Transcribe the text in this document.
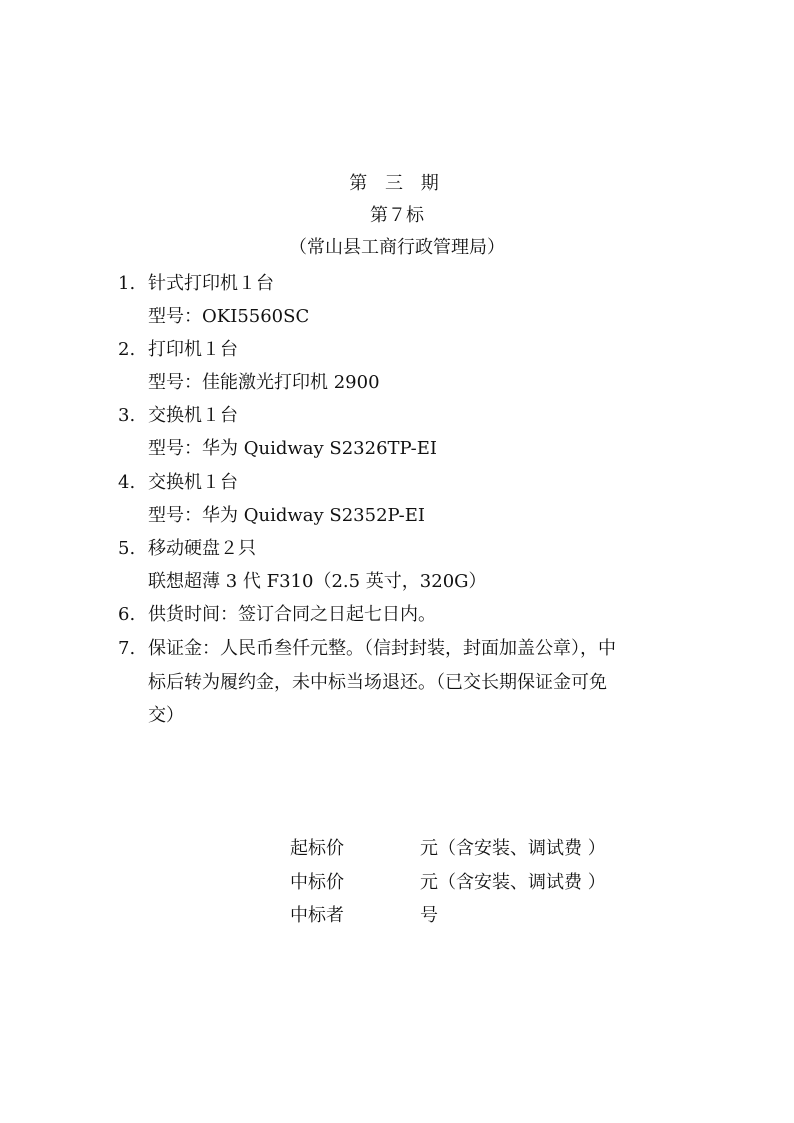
第 三 期
第７标
（常山县工商行政管理局）
1. 针式打印机１台
型号：OKI5560SC
2. 打印机１台
型号：佳能激光打印机 2900
3. 交换机１台
型号：华为 Quidway S2326TP-EI
4. 交换机１台
型号：华为 Quidway S2352P-EI
5. 移动硬盘２只
联想超薄 3 代 F310（2.5 英寸，320G）
6. 供货时间：签订合同之日起七日内。
7. 保证金：人民币叁仟元整。（信封封装，封面加盖公章），中
标后转为履约金，未中标当场退还。（已交长期保证金可免
交）
起标价	元（含安装、调试费 ）
中标价	元（含安装、调试费 ）
中标者	号
